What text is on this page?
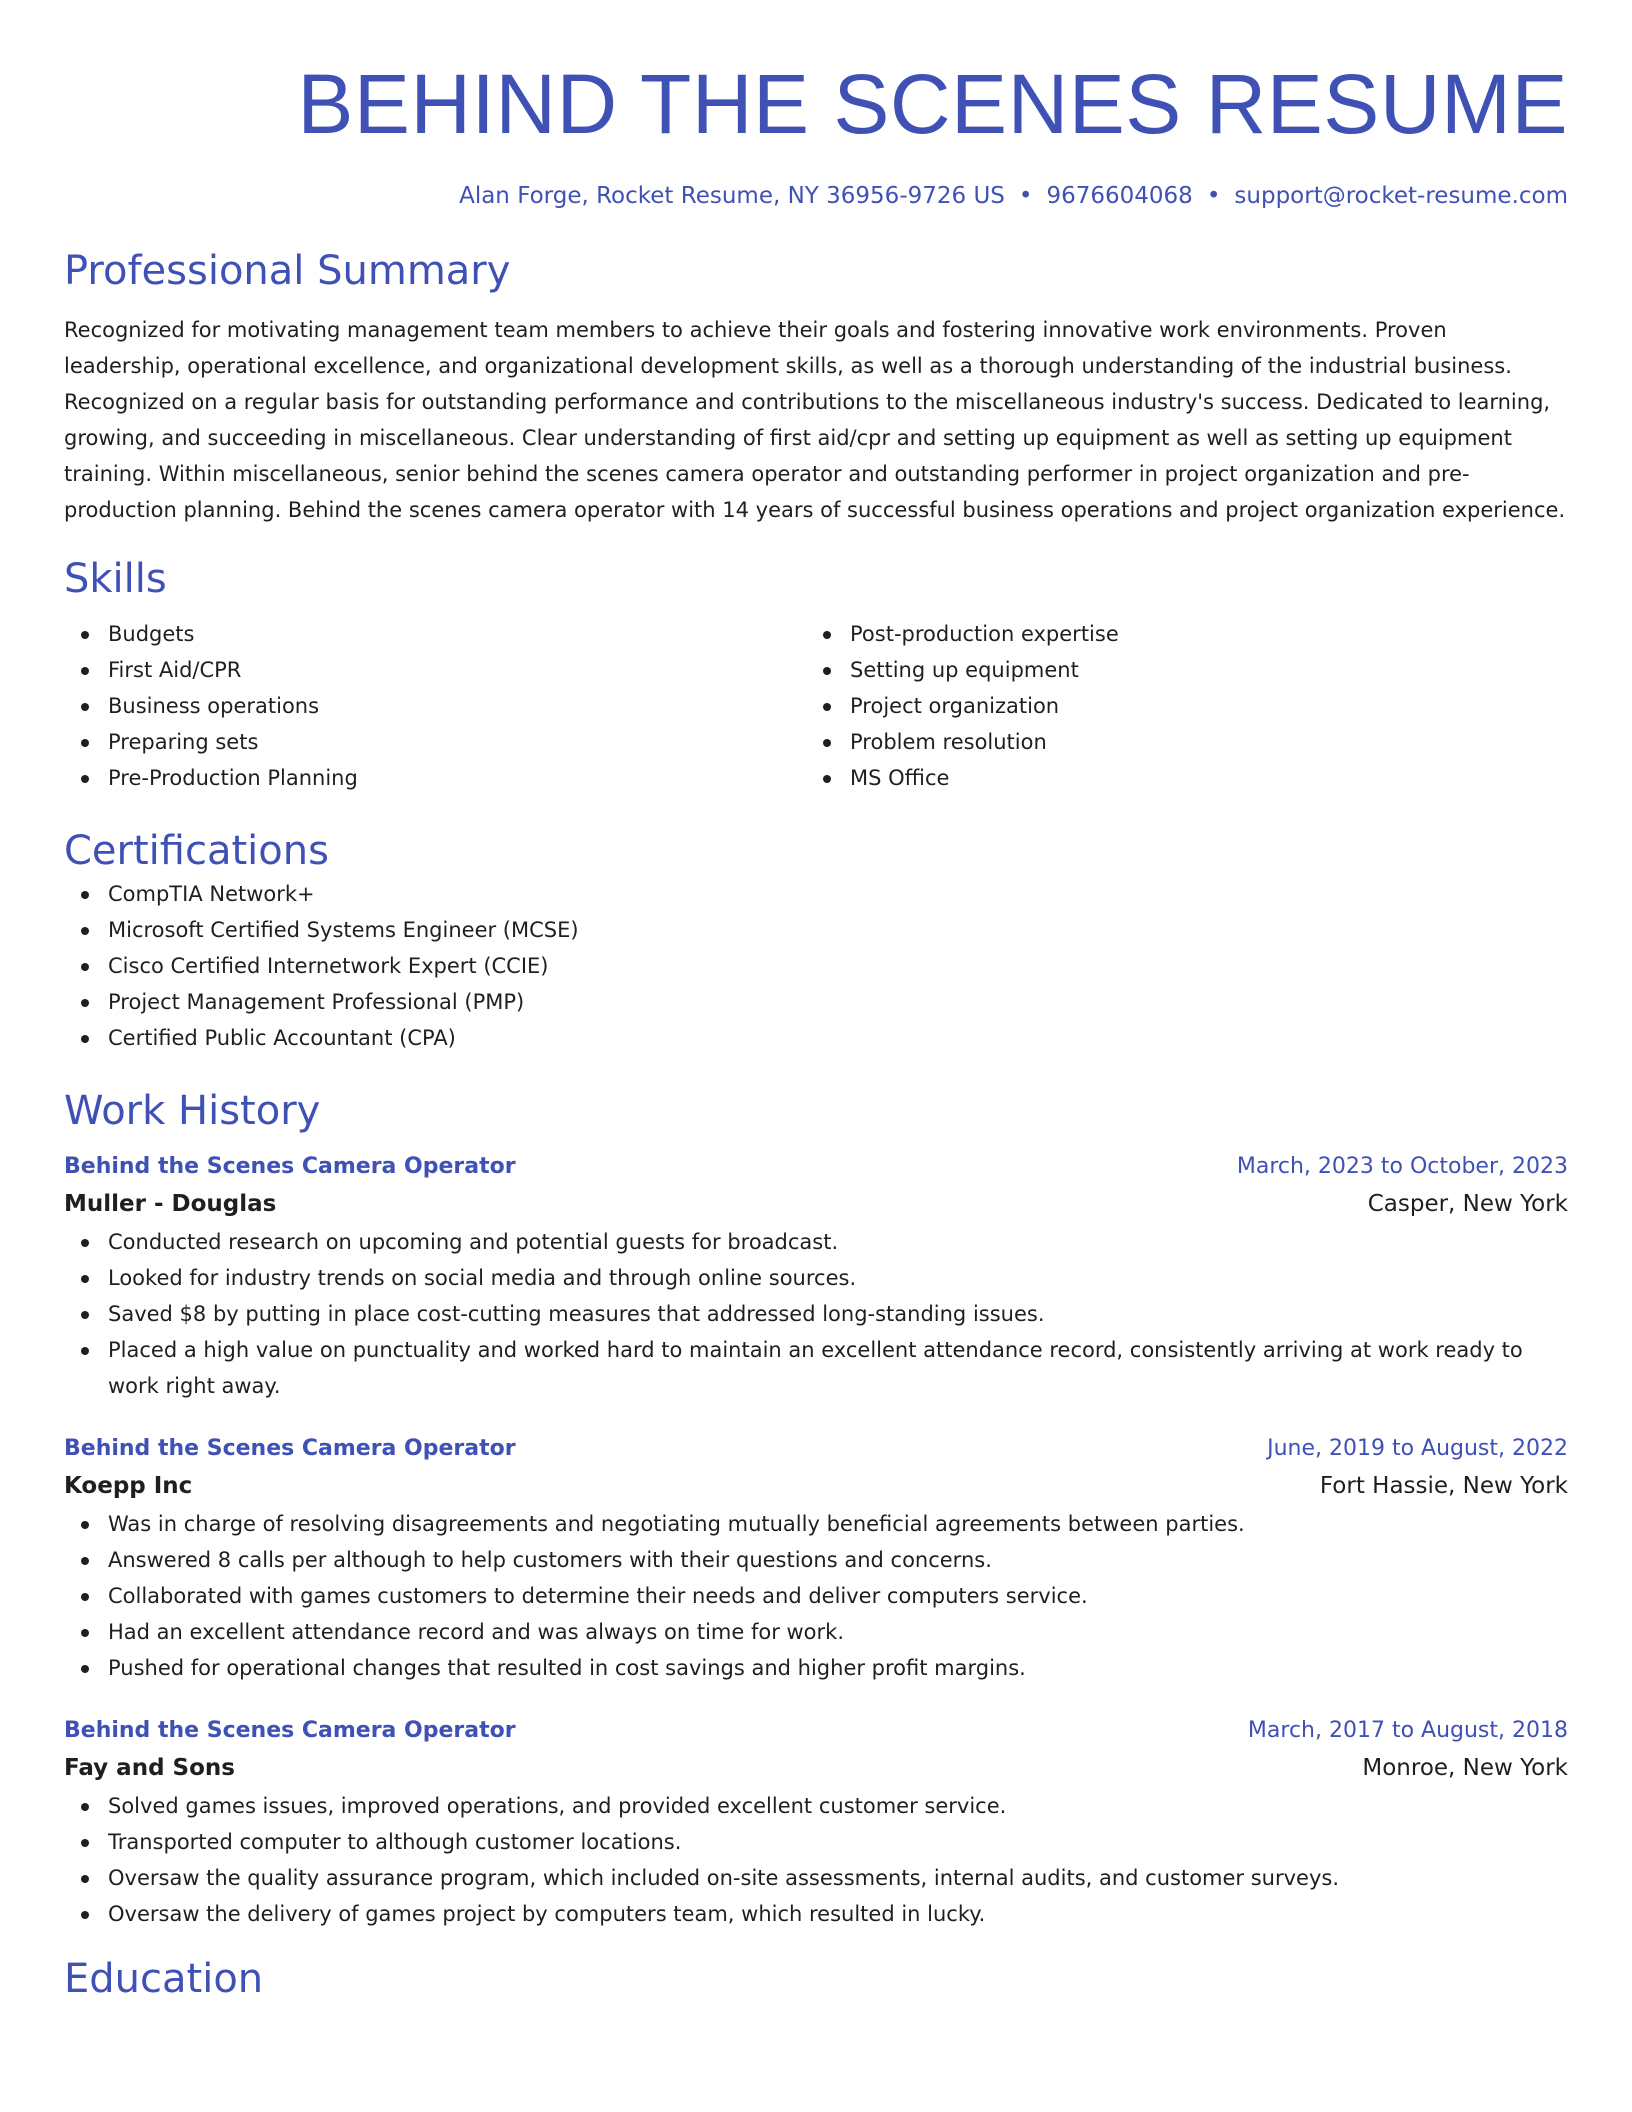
BEHIND THE SCENES RESUME
Alan Forge, Rocket Resume, NY 36956-9726 US • 9676604068 • support@rocket-resume.com
Professional Summary

Recognized for motivating management team members to achieve their goals and fostering innovative work environments. Proven leadership, operational excellence, and organizational development skills, as well as a thorough understanding of the industrial business. Recognized on a regular basis for outstanding performance and contributions to the miscellaneous industry's success. Dedicated to learning, growing, and succeeding in miscellaneous. Clear understanding of first aid/cpr and setting up equipment as well as setting up equipment training. Within miscellaneous, senior behind the scenes camera operator and outstanding performer in project organization and pre-production planning. Behind the scenes camera operator with 14 years of successful business operations and project organization experience.

Skills
Budgets
First Aid/CPR
Business operations
Preparing sets
Pre-Production Planning
Post-production expertise
Setting up equipment
Project organization
Problem resolution
MS Office
Certifications
CompTIA Network+
Microsoft Certified Systems Engineer (MCSE)
Cisco Certified Internetwork Expert (CCIE)
Project Management Professional (PMP)
Certified Public Accountant (CPA)
Work History
Behind the Scenes Camera Operator	March, 2023 to October, 2023
Muller - Douglas	Casper, New York
Conducted research on upcoming and potential guests for broadcast.
Looked for industry trends on social media and through online sources.
Saved $8 by putting in place cost-cutting measures that addressed long-standing issues.
Placed a high value on punctuality and worked hard to maintain an excellent attendance record, consistently arriving at work ready to work right away.
Behind the Scenes Camera Operator	June, 2019 to August, 2022
Koepp Inc	Fort Hassie, New York
Was in charge of resolving disagreements and negotiating mutually beneficial agreements between parties.
Answered 8 calls per although to help customers with their questions and concerns.
Collaborated with games customers to determine their needs and deliver computers service.
Had an excellent attendance record and was always on time for work.
Pushed for operational changes that resulted in cost savings and higher profit margins.
Behind the Scenes Camera Operator	March, 2017 to August, 2018
Fay and Sons	Monroe, New York
Solved games issues, improved operations, and provided excellent customer service.
Transported computer to although customer locations.
Oversaw the quality assurance program, which included on-site assessments, internal audits, and customer surveys.
Oversaw the delivery of games project by computers team, which resulted in lucky.
Education
